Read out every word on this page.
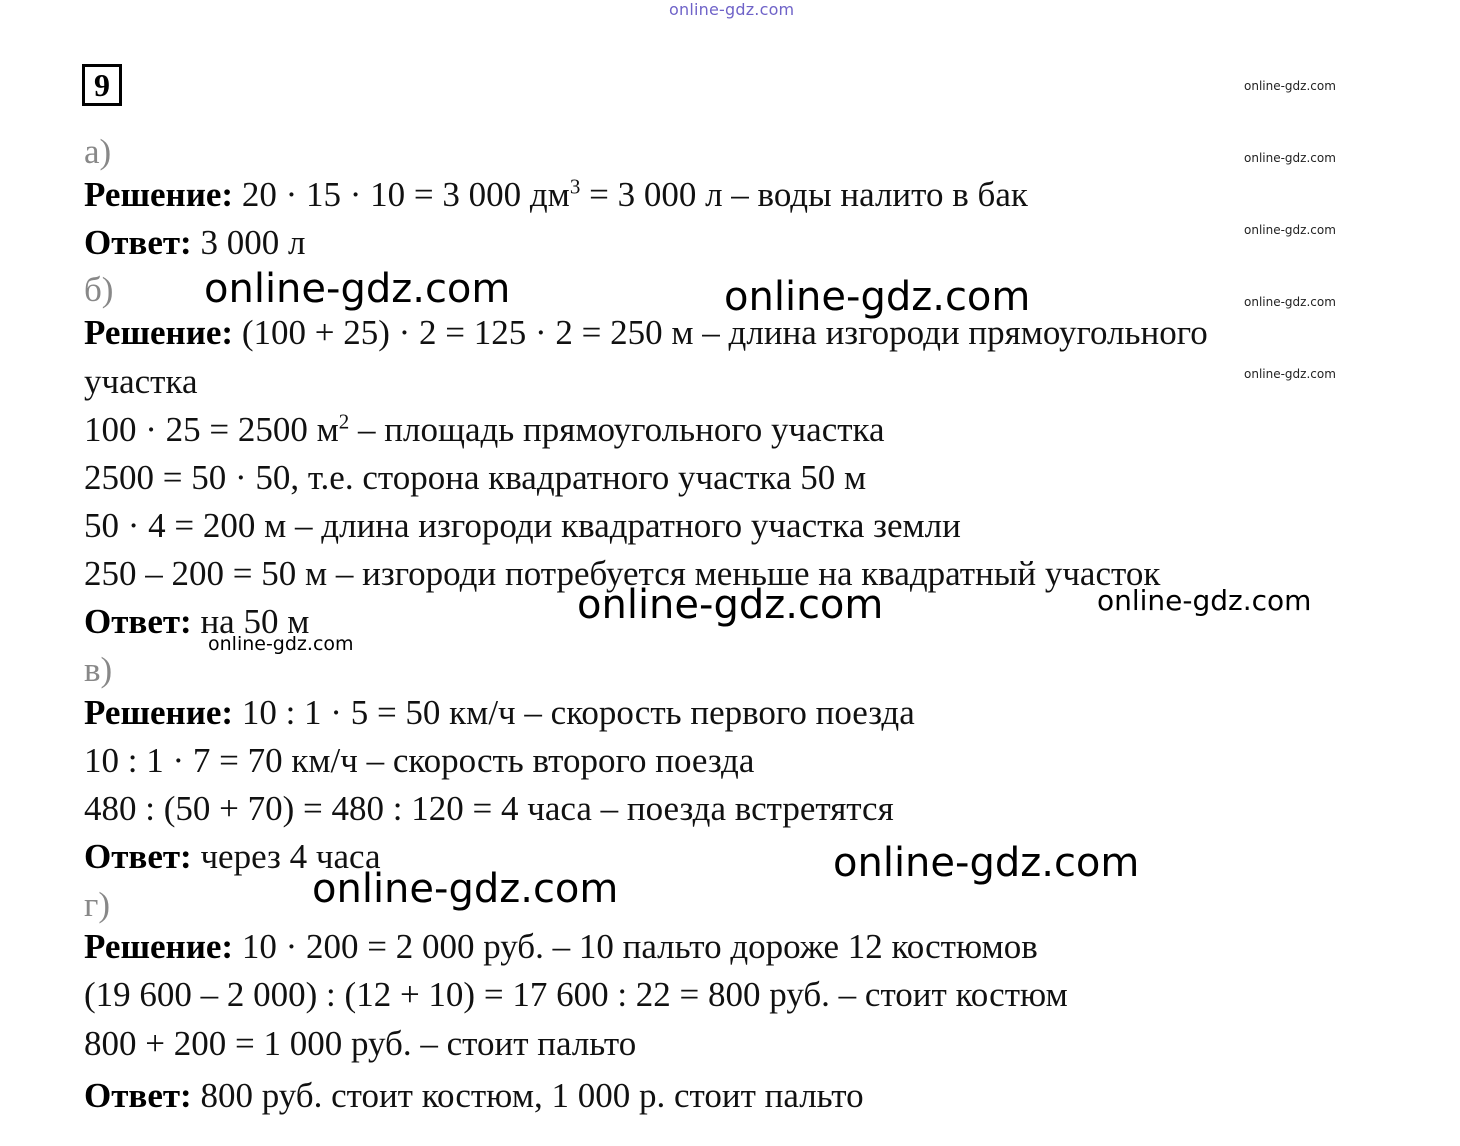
online-gdz.com
9	online-gdz.com
online-gdz.com
online-gdz.com
online-gdz.com
online-gdz.com
а)
Решение: 20 · 15 · 10 = 3 000 $дм^3 = 3$ 000 л – воды налито в бак
Ответ: 3 000 л
б)
Решение: (100 + 25) · 2 = 125 · 2 = 250 м – длина изгороди прямоугольного
участка
100 · 25 = 2500 $м^2$ – площадь прямоугольного участка
2500 = 50 · 50, т.е. сторона квадратного участка 50 м
50 · 4 = 200 м – длина изгороди квадратного участка земли
250 – 200 = 50 м – изгороди потребуется меньше на квадратный участок
Ответ: на 50 м
в)
Решение: 10 : 1 · 5 = 50 км/ч – скорость первого поезда
10 : 1 · 7 = 70 км/ч – скорость второго поезда
480 : (50 + 70) = 480 : 120 = 4 часа – поезда встретятся
Ответ: через 4 часа
г)
Решение: 10 · 200 = 2 000 руб. – 10 пальто дороже 12 костюмов
(19 600 – 2 000) : (12 + 10) = 17 600 : 22 = 800 руб. – стоит костюм
800 + 200 = 1 000 руб. – стоит пальто
Ответ: 800 руб. стоит костюм, 1 000 р. стоит пальто
online-gdz.com	online-gdz.com
online-gdz.com	online-gdz.com
online-gdz.com
online-gdz.com
online-gdz.com
